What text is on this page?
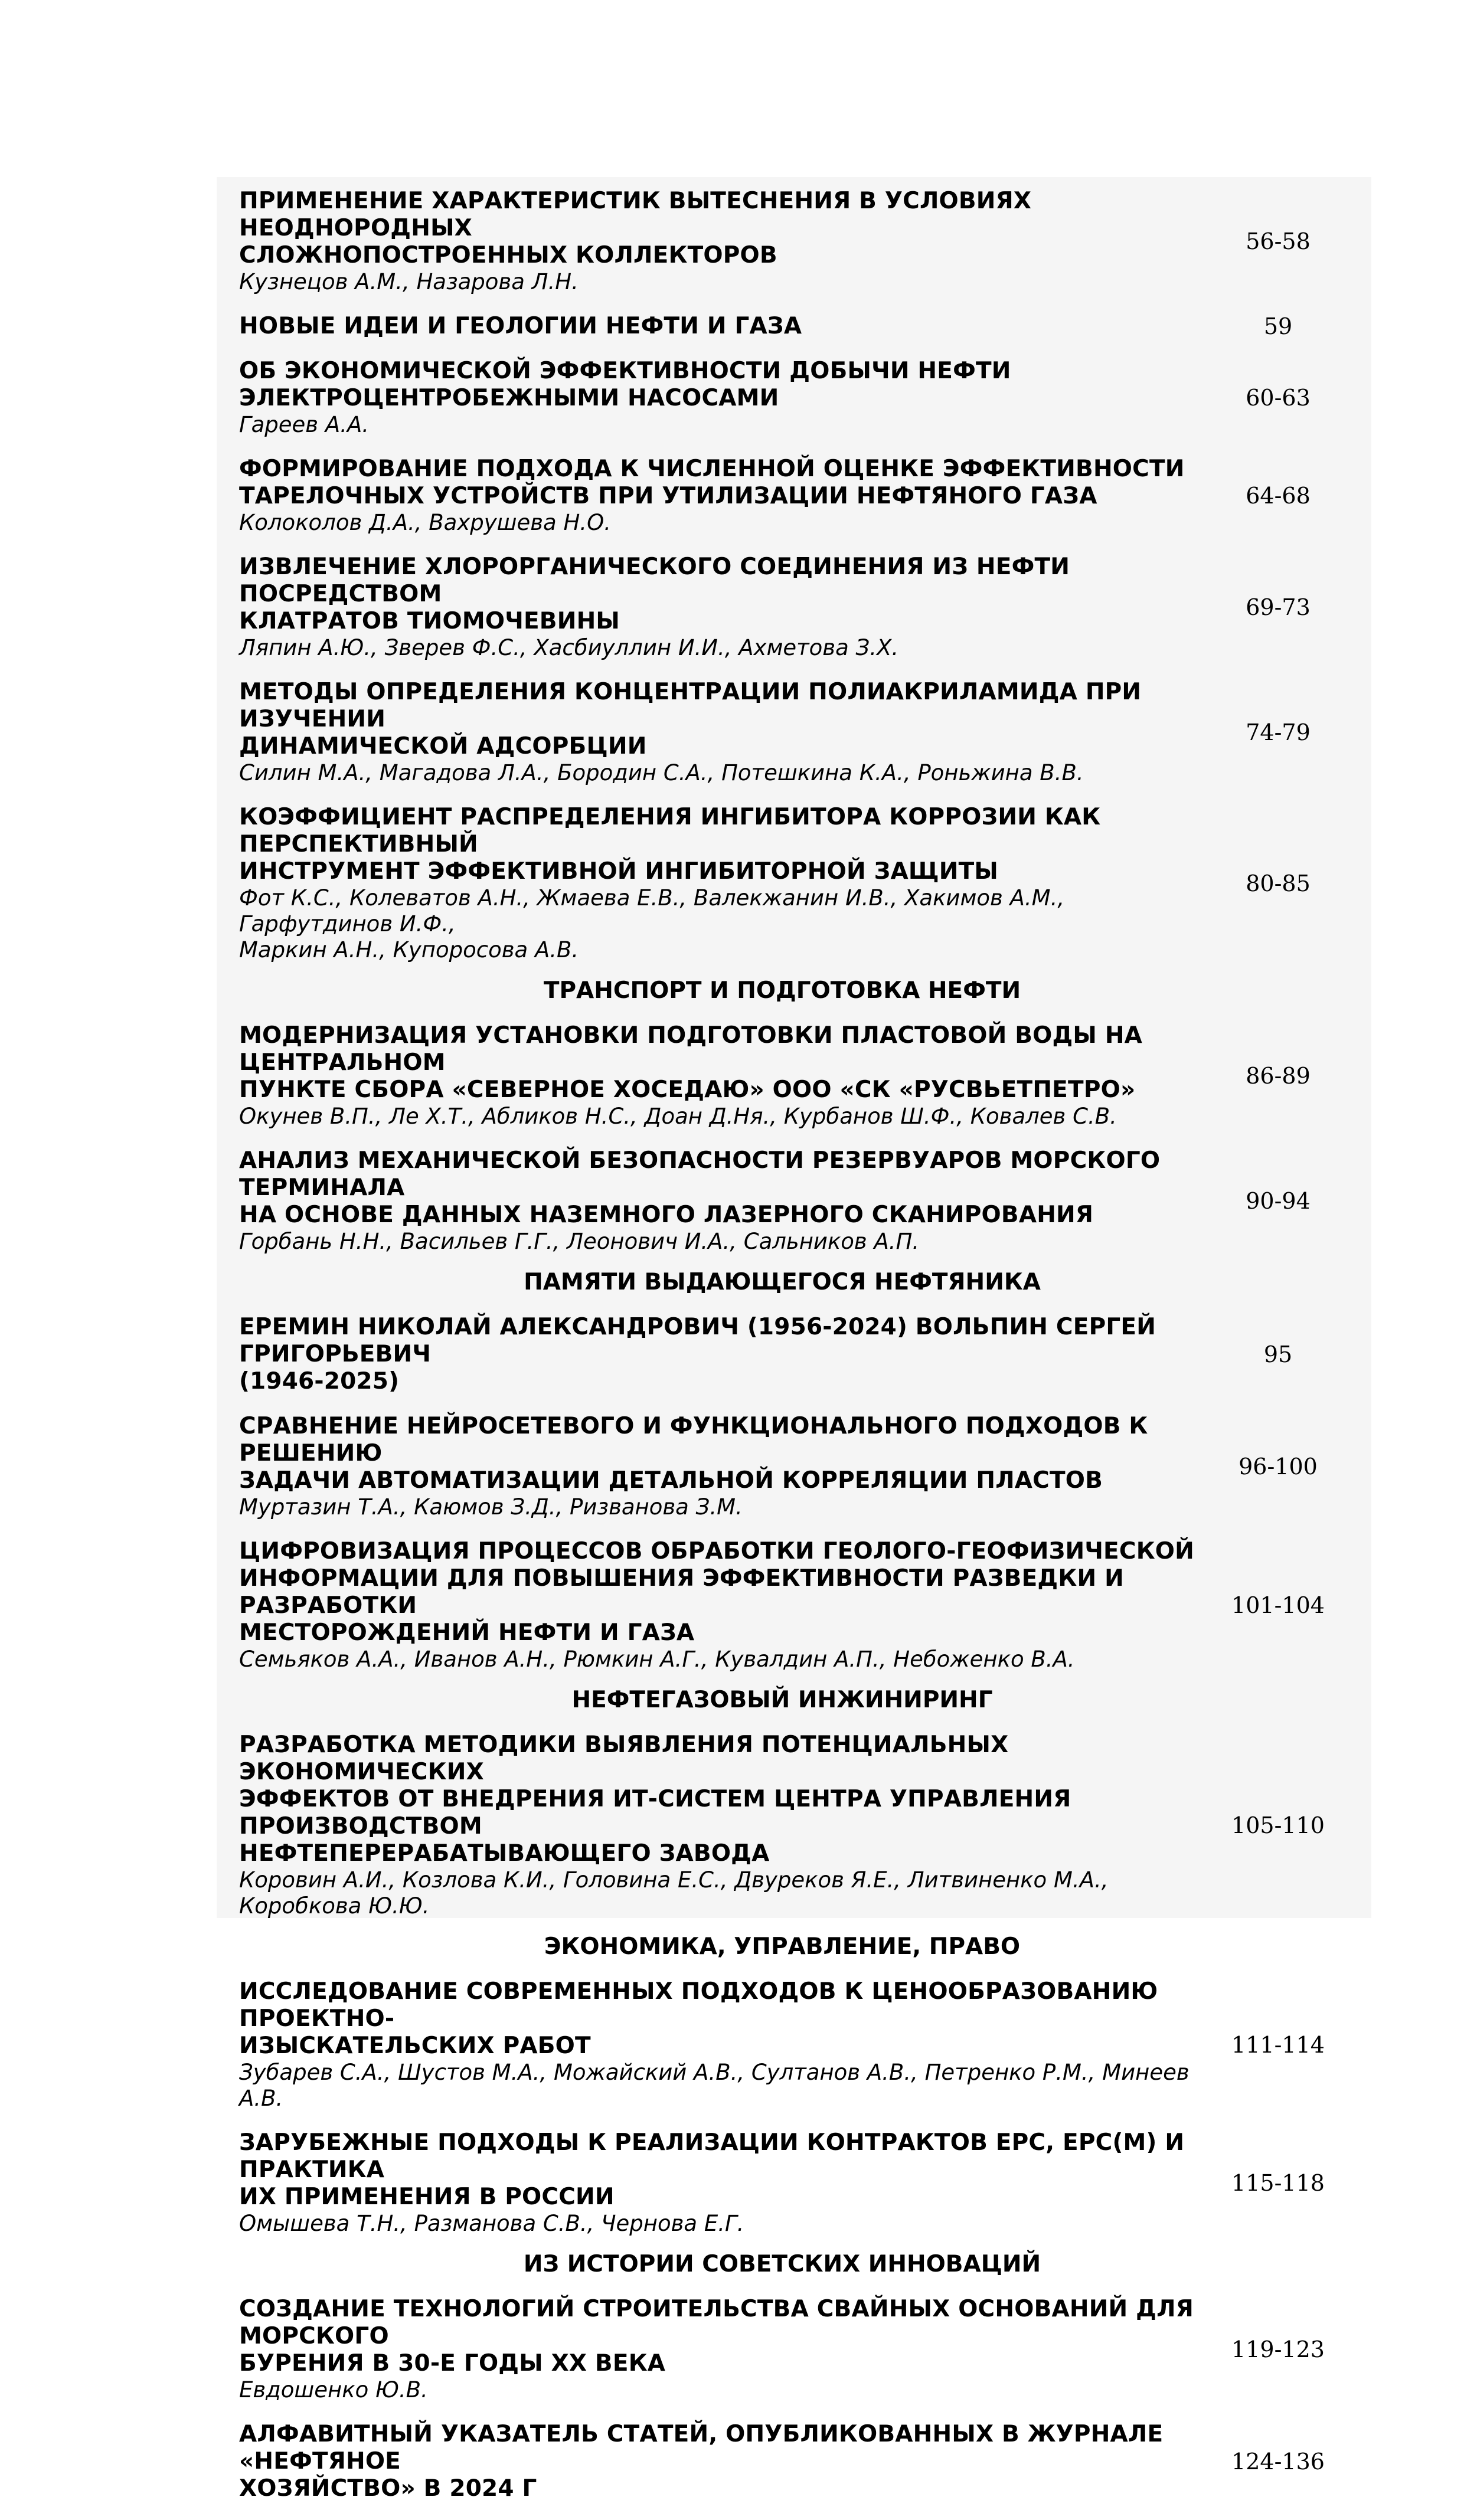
ПРИМЕНЕНИЕ ХАРАКТЕРИСТИК ВЫТЕСНЕНИЯ В УСЛОВИЯХ НЕОДНОРОДНЫХ
СЛОЖНОПОСТРОЕННЫХ КОЛЛЕКТОРОВ
Кузнецов А.М., Назарова Л.Н.
56-58
НОВЫЕ ИДЕИ И ГЕОЛОГИИ НЕФТИ И ГАЗА	59
ОБ ЭКОНОМИЧЕСКОЙ ЭФФЕКТИВНОСТИ ДОБЫЧИ НЕФТИ
ЭЛЕКТРОЦЕНТРОБЕЖНЫМИ НАСОСАМИ
Гареев А.А.
60-63
ФОРМИРОВАНИЕ ПОДХОДА К ЧИСЛЕННОЙ ОЦЕНКЕ ЭФФЕКТИВНОСТИ
ТАРЕЛОЧНЫХ УСТРОЙСТВ ПРИ УТИЛИЗАЦИИ НЕФТЯНОГО ГАЗА
Колоколов Д.А., Вахрушева Н.О.
64-68
ИЗВЛЕЧЕНИЕ ХЛОРОРГАНИЧЕСКОГО СОЕДИНЕНИЯ ИЗ НЕФТИ ПОСРЕДСТВОМ
КЛАТРАТОВ ТИОМОЧЕВИНЫ
Ляпин А.Ю., Зверев Ф.С., Хасбиуллин И.И., Ахметова З.Х.
69-73
МЕТОДЫ ОПРЕДЕЛЕНИЯ КОНЦЕНТРАЦИИ ПОЛИАКРИЛАМИДА ПРИ ИЗУЧЕНИИ
ДИНАМИЧЕСКОЙ АДСОРБЦИИ
Силин М.А., Магадова Л.А., Бородин С.А., Потешкина К.А., Роньжина В.В.
74-79
КОЭФФИЦИЕНТ РАСПРЕДЕЛЕНИЯ ИНГИБИТОРА КОРРОЗИИ КАК ПЕРСПЕКТИВНЫЙ
ИНСТРУМЕНТ ЭФФЕКТИВНОЙ ИНГИБИТОРНОЙ ЗАЩИТЫ
Фот К.С., Колеватов А.Н., Жмаева Е.В., Валекжанин И.В., Хакимов А.М., Гарфутдинов И.Ф.,
Маркин А.Н., Купоросова А.В.
80-85
ТРАНСПОРТ И ПОДГОТОВКА НЕФТИ
МОДЕРНИЗАЦИЯ УСТАНОВКИ ПОДГОТОВКИ ПЛАСТОВОЙ ВОДЫ НА ЦЕНТРАЛЬНОМ
ПУНКТЕ СБОРА «СЕВЕРНОЕ ХОСЕДАЮ» ООО «СК «РУСВЬЕТПЕТРО»
Окунев В.П., Ле Х.Т., Абликов Н.С., Доан Д.Ня., Курбанов Ш.Ф., Ковалев С.В.
86-89
АНАЛИЗ МЕХАНИЧЕСКОЙ БЕЗОПАСНОСТИ РЕЗЕРВУАРОВ МОРСКОГО ТЕРМИНАЛА
НА ОСНОВЕ ДАННЫХ НАЗЕМНОГО ЛАЗЕРНОГО СКАНИРОВАНИЯ
Горбань Н.Н., Васильев Г.Г., Леонович И.А., Сальников А.П.
90-94
ПАМЯТИ ВЫДАЮЩЕГОСЯ НЕФТЯНИКА
ЕРЕМИН НИКОЛАЙ АЛЕКСАНДРОВИЧ (1956-2024) ВОЛЬПИН СЕРГЕЙ ГРИГОРЬЕВИЧ
(1946-2025)
95
СРАВНЕНИЕ НЕЙРОСЕТЕВОГО И ФУНКЦИОНАЛЬНОГО ПОДХОДОВ К РЕШЕНИЮ
ЗАДАЧИ АВТОМАТИЗАЦИИ ДЕТАЛЬНОЙ КОРРЕЛЯЦИИ ПЛАСТОВ
Муртазин Т.А., Каюмов З.Д., Ризванова З.М.
96-100
ЦИФРОВИЗАЦИЯ ПРОЦЕССОВ ОБРАБОТКИ ГЕОЛОГО-ГЕОФИЗИЧЕСКОЙ
ИНФОРМАЦИИ ДЛЯ ПОВЫШЕНИЯ ЭФФЕКТИВНОСТИ РАЗВЕДКИ И РАЗРАБОТКИ
МЕСТОРОЖДЕНИЙ НЕФТИ И ГАЗА
Семьяков А.А., Иванов А.Н., Рюмкин А.Г., Кувалдин А.П., Небоженко В.А.
101-104
НЕФТЕГАЗОВЫЙ ИНЖИНИРИНГ
РАЗРАБОТКА МЕТОДИКИ ВЫЯВЛЕНИЯ ПОТЕНЦИАЛЬНЫХ ЭКОНОМИЧЕСКИХ
ЭФФЕКТОВ ОТ ВНЕДРЕНИЯ ИТ-СИСТЕМ ЦЕНТРА УПРАВЛЕНИЯ ПРОИЗВОДСТВОМ
НЕФТЕПЕРЕРАБАТЫВАЮЩЕГО ЗАВОДА
Коровин А.И., Козлова К.И., Головина Е.С., Двуреков Я.Е., Литвиненко М.А., Коробкова Ю.Ю.
105-110
ЭКОНОМИКА, УПРАВЛЕНИЕ, ПРАВО
ИССЛЕДОВАНИЕ СОВРЕМЕННЫХ ПОДХОДОВ К ЦЕНООБРАЗОВАНИЮ ПРОЕКТНО-
ИЗЫСКАТЕЛЬСКИХ РАБОТ
Зубарев С.А., Шустов М.А., Можайский А.В., Султанов А.В., Петренко Р.М., Минеев А.В.
111-114
ЗАРУБЕЖНЫЕ ПОДХОДЫ К РЕАЛИЗАЦИИ КОНТРАКТОВ EPC, EPC(M) И ПРАКТИКА
ИХ ПРИМЕНЕНИЯ В РОССИИ
Омышева Т.Н., Разманова С.В., Чернова Е.Г.
115-118
ИЗ ИСТОРИИ СОВЕТСКИХ ИННОВАЦИЙ
СОЗДАНИЕ ТЕХНОЛОГИЙ СТРОИТЕЛЬСТВА СВАЙНЫХ ОСНОВАНИЙ ДЛЯ МОРСКОГО
БУРЕНИЯ В 30-Е ГОДЫ XX ВЕКА
Евдошенко Ю.В.
119-123
АЛФАВИТНЫЙ УКАЗАТЕЛЬ СТАТЕЙ, ОПУБЛИКОВАННЫХ В ЖУРНАЛЕ «НЕФТЯНОЕ
ХОЗЯЙСТВО» В 2024 Г
124-136
